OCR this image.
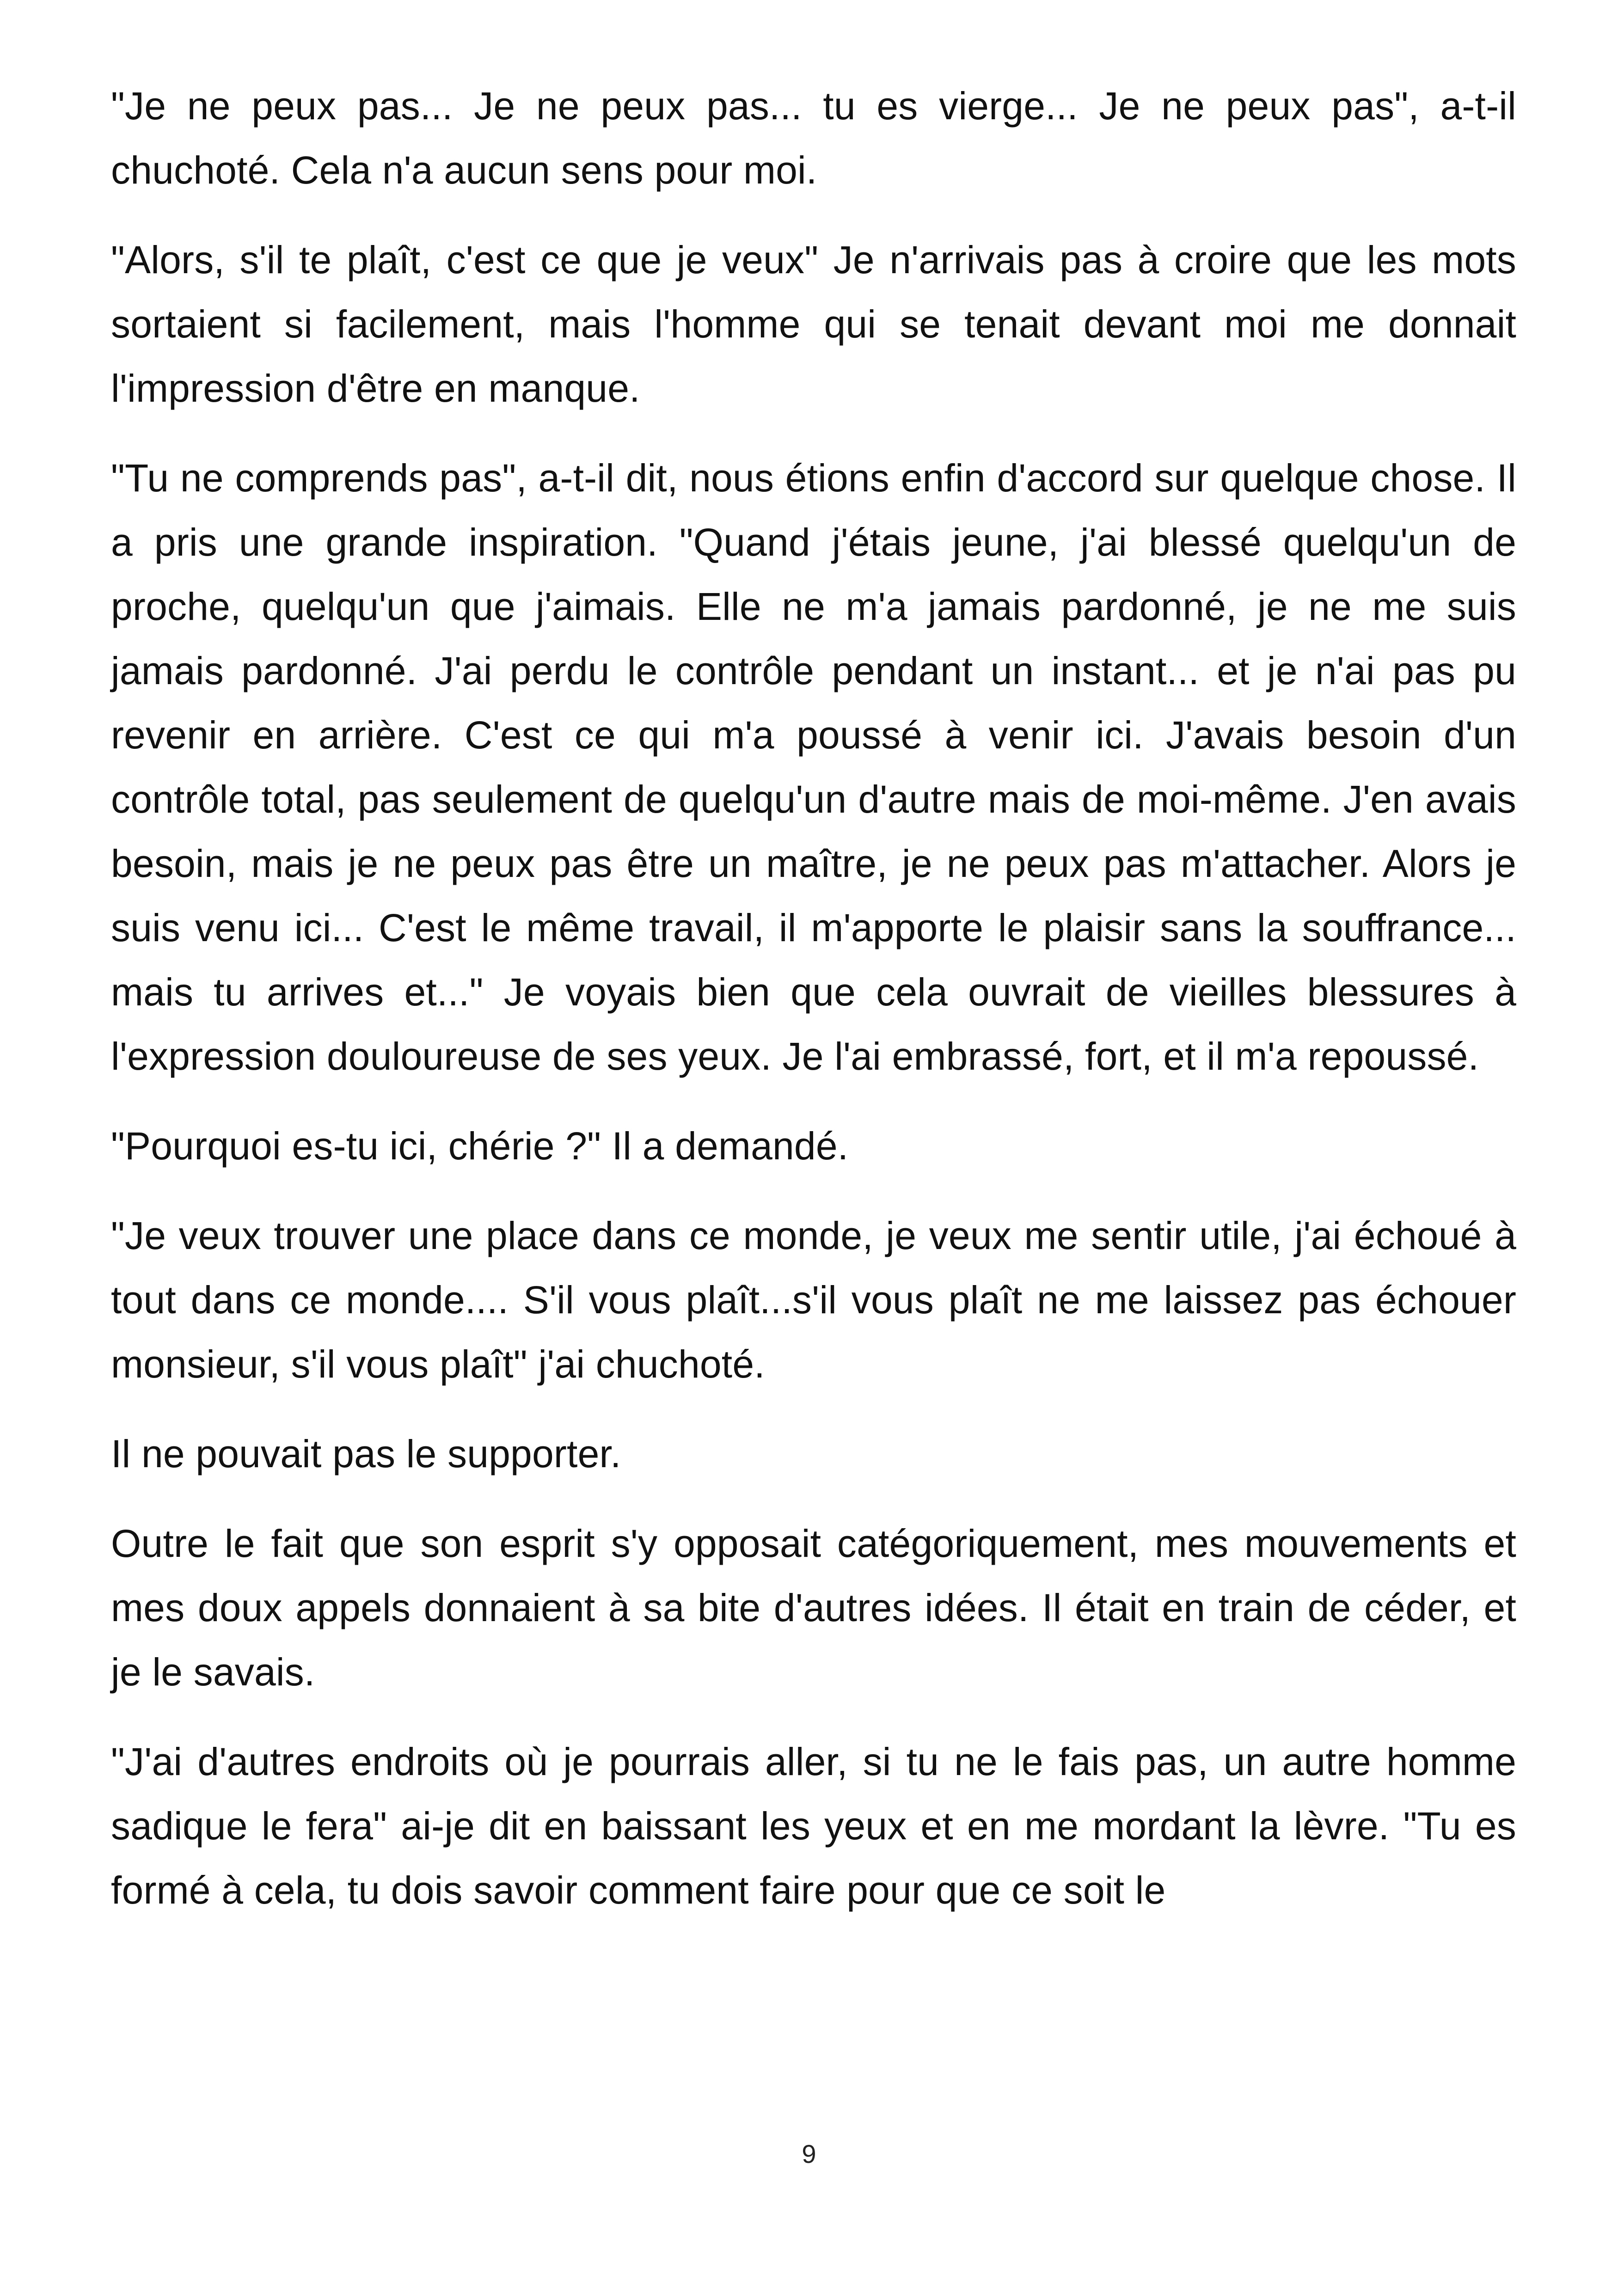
"Je ne peux pas... Je ne peux pas... tu es vierge... Je ne peux pas", a-t-il chuchoté. Cela n'a aucun sens pour moi.

"Alors, s'il te plaît, c'est ce que je veux" Je n'arrivais pas à croire que les mots sortaient si facilement, mais l'homme qui se tenait devant moi me donnait l'impression d'être en manque.

"Tu ne comprends pas", a-t-il dit, nous étions enfin d'accord sur quelque chose. Il a pris une grande inspiration. "Quand j'étais jeune, j'ai blessé quelqu'un de proche, quelqu'un que j'aimais. Elle ne m'a jamais pardonné, je ne me suis jamais pardonné. J'ai perdu le contrôle pendant un instant... et je n'ai pas pu revenir en arrière. C'est ce qui m'a poussé à venir ici. J'avais besoin d'un contrôle total, pas seulement de quelqu'un d'autre mais de moi-même. J'en avais besoin, mais je ne peux pas être un maître, je ne peux pas m'attacher. Alors je suis venu ici... C'est le même travail, il m'apporte le plaisir sans la souffrance... mais tu arrives et..." Je voyais bien que cela ouvrait de vieilles blessures à l'expression douloureuse de ses yeux. Je l'ai embrassé, fort, et il m'a repoussé.

"Pourquoi es-tu ici, chérie ?" Il a demandé.

"Je veux trouver une place dans ce monde, je veux me sentir utile, j'ai échoué à tout dans ce monde.... S'il vous plaît...s'il vous plaît ne me laissez pas échouer monsieur, s'il vous plaît" j'ai chuchoté.

Il ne pouvait pas le supporter.

Outre le fait que son esprit s'y opposait catégoriquement, mes mouvements et mes doux appels donnaient à sa bite d'autres idées. Il était en train de céder, et je le savais.

"J'ai d'autres endroits où je pourrais aller, si tu ne le fais pas, un autre homme sadique le fera" ai-je dit en baissant les yeux et en me mordant la lèvre. "Tu es formé à cela, tu dois savoir comment faire pour que ce soit le

9
